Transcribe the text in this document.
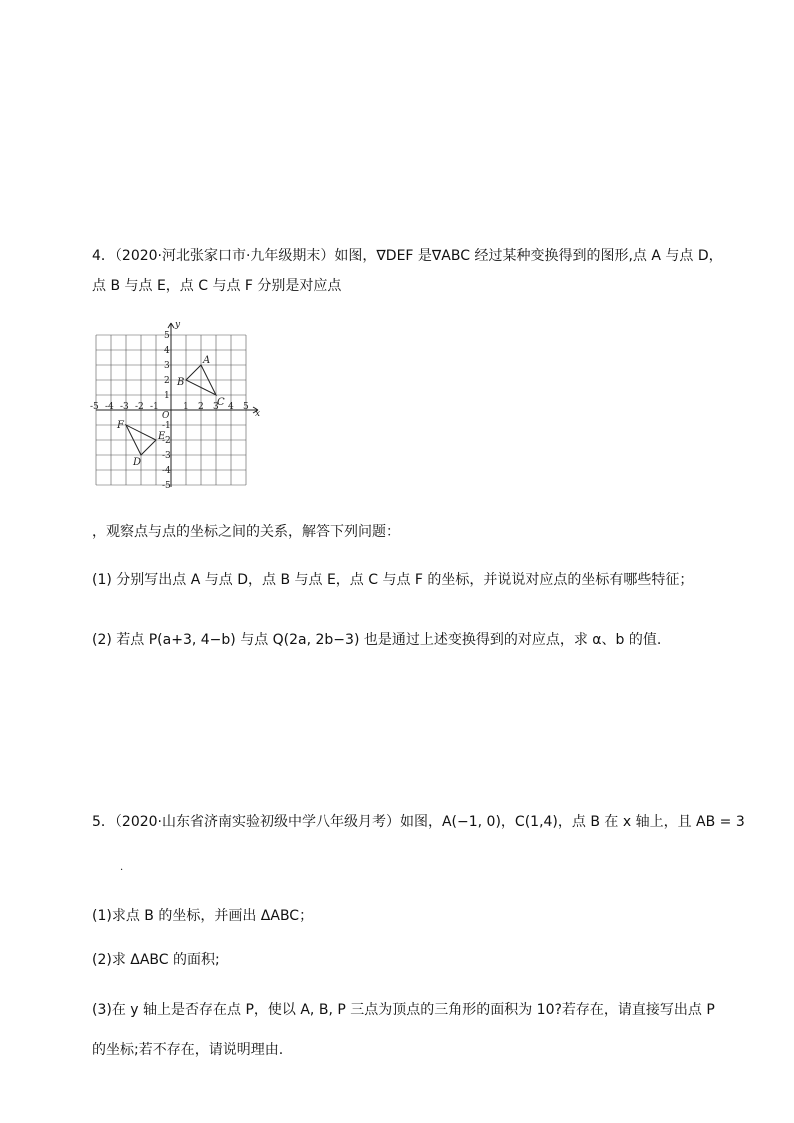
4．（2020·河北张家口市·九年级期末）如图，∇DEF 是∇ABC 经过某种变换得到的图形,点 A 与点 D，
点 B 与点 E，点 C 与点 F 分别是对应点
x
y
O
-5 -4 -3 -2 -1	1 2 3 4 5
5
4
3
2
1
-1
-2
-3
-4
-5
A
B
C
D
E
F
，观察点与点的坐标之间的关系，解答下列问题：
(1) 分别写出点 A 与点 D，点 B 与点 E，点 C 与点 F 的坐标，并说说对应点的坐标有哪些特征；
(2) 若点 P(a+3, 4−b) 与点 Q(2a, 2b−3) 也是通过上述变换得到的对应点，求 α、b 的值.
5．（2020·山东省济南实验初级中学八年级月考）如图，A(−1, 0)，C(1,4)，点 B 在 x 轴上，且 AB = 3
.
(1)求点 B 的坐标，并画出 ΔABC；
(2)求 ΔABC 的面积;
(3)在 y 轴上是否存在点 P，使以 A, B, P 三点为顶点的三角形的面积为 10?若存在，请直接写出点 P
的坐标;若不存在，请说明理由.
